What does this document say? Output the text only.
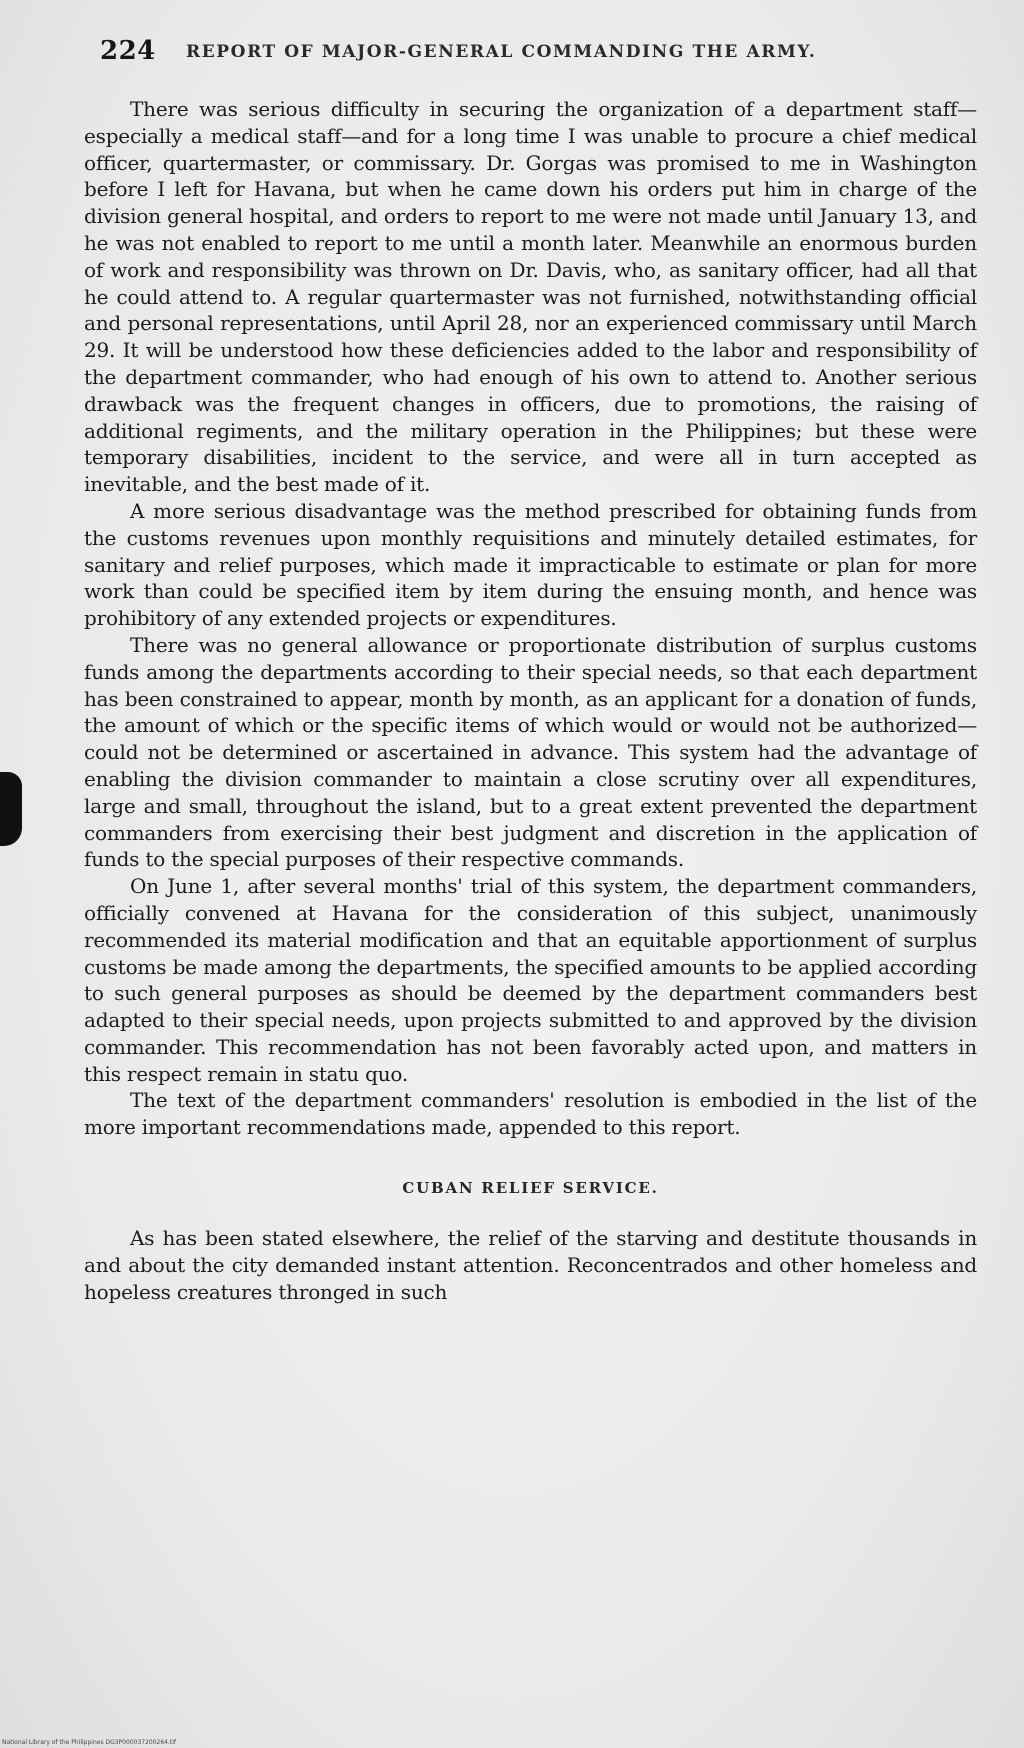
224 REPORT OF MAJOR-GENERAL COMMANDING THE ARMY.

There was serious difficulty in securing the organization of a department staff—especially a medical staff—and for a long time I was unable to procure a chief medical officer, quartermaster, or commissary. Dr. Gorgas was promised to me in Washington before I left for Havana, but when he came down his orders put him in charge of the division general hospital, and orders to report to me were not made until January 13, and he was not enabled to report to me until a month later. Meanwhile an enormous burden of work and responsibility was thrown on Dr. Davis, who, as sanitary officer, had all that he could attend to. A regular quartermaster was not furnished, notwithstanding official and personal representations, until April 28, nor an experienced commissary until March 29. It will be understood how these deficiencies added to the labor and responsibility of the department commander, who had enough of his own to attend to. Another serious drawback was the frequent changes in officers, due to promotions, the raising of additional regiments, and the military operation in the Philippines; but these were temporary disabilities, incident to the service, and were all in turn accepted as inevitable, and the best made of it.

A more serious disadvantage was the method prescribed for obtaining funds from the customs revenues upon monthly requisitions and minutely detailed estimates, for sanitary and relief purposes, which made it impracticable to estimate or plan for more work than could be specified item by item during the ensuing month, and hence was prohibitory of any extended projects or expenditures.

There was no general allowance or proportionate distribution of surplus customs funds among the departments according to their special needs, so that each department has been constrained to appear, month by month, as an applicant for a donation of funds, the amount of which or the specific items of which would or would not be authorized—could not be determined or ascertained in advance. This system had the advantage of enabling the division commander to maintain a close scrutiny over all expenditures, large and small, throughout the island, but to a great extent prevented the department commanders from exercising their best judgment and discretion in the application of funds to the special purposes of their respective commands.

On June 1, after several months' trial of this system, the department commanders, officially convened at Havana for the consideration of this subject, unanimously recommended its material modification and that an equitable apportionment of surplus customs be made among the departments, the specified amounts to be applied according to such general purposes as should be deemed by the department commanders best adapted to their special needs, upon projects submitted to and approved by the division commander. This recommendation has not been favorably acted upon, and matters in this respect remain in statu quo.

The text of the department commanders' resolution is embodied in the list of the more important recommendations made, appended to this report.

CUBAN RELIEF SERVICE.

As has been stated elsewhere, the relief of the starving and destitute thousands in and about the city demanded instant attention. Reconcentrados and other homeless and hopeless creatures thronged in such

National Library of the Philippines DG3P000037200264.tif
